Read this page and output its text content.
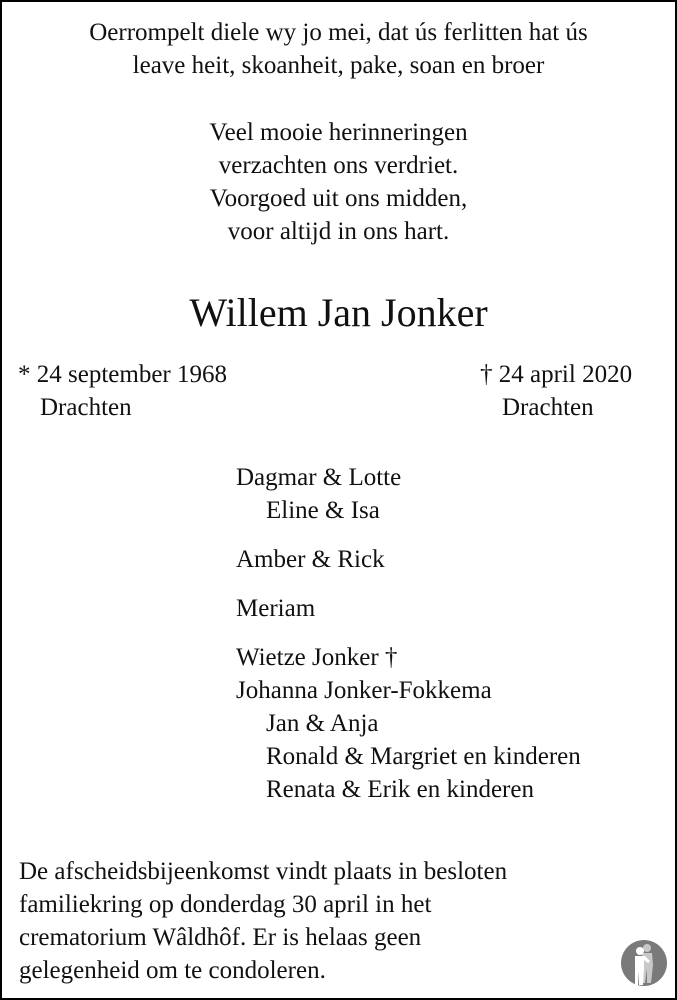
Oerrompelt diele wy jo mei, dat ús ferlitten hat ús
leave heit, skoanheit, pake, soan en broer
Veel mooie herinneringen
verzachten ons verdriet.
Voorgoed uit ons midden,
voor altijd in ons hart.
Willem Jan Jonker
* 24 september 1968
Drachten
† 24 april 2020
Drachten
Dagmar & Lotte
Eline & Isa
Amber & Rick
Meriam
Wietze Jonker †
Johanna Jonker-Fokkema
Jan & Anja
Ronald & Margriet en kinderen
Renata & Erik en kinderen
De afscheidsbijeenkomst vindt plaats in besloten
familiekring op donderdag 30 april in het
crematorium Wâldhôf. Er is helaas geen
gelegenheid om te condoleren.
